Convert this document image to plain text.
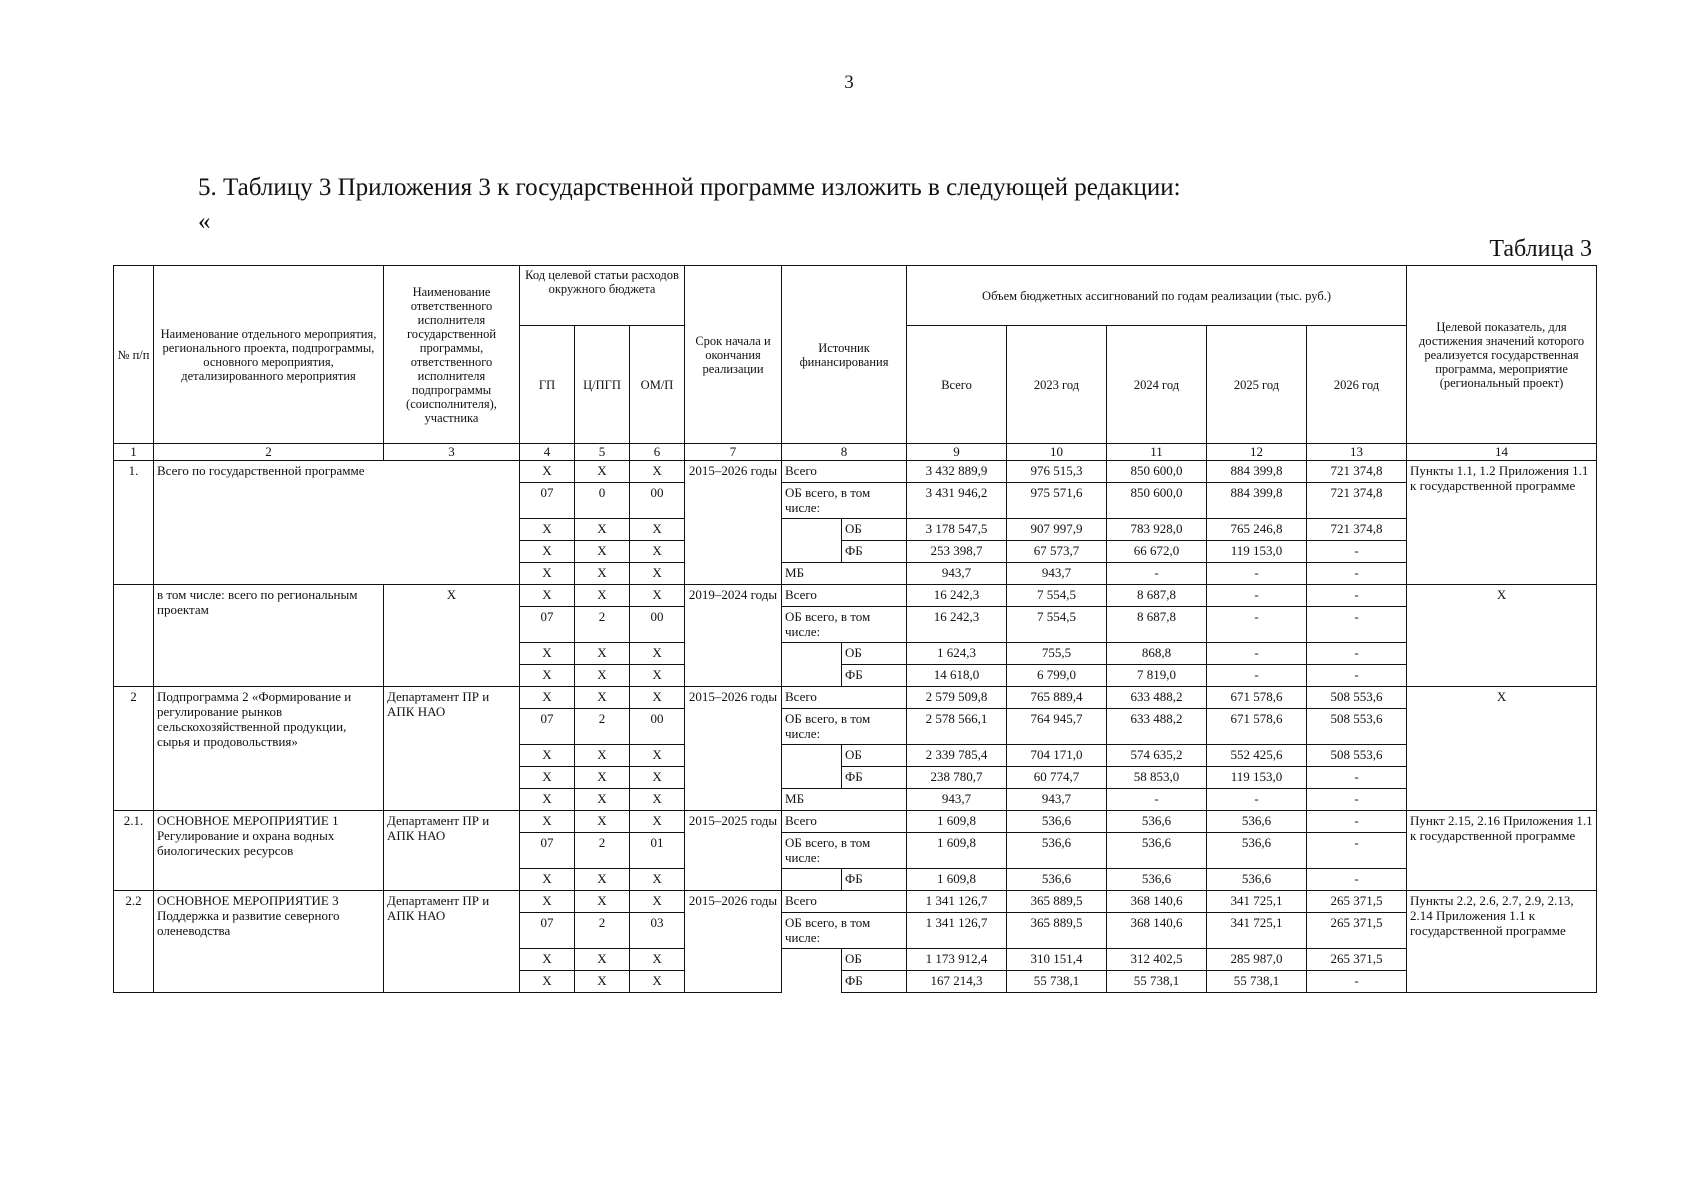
3
5. Таблицу 3 Приложения 3 к государственной программе изложить в следующей редакции:
«
Таблица 3
№ п/п	Наименование отдельного мероприятия, регионального проекта, подпрограммы, основного мероприятия, детализированного мероприятия	Наименование ответственного исполнителя государственной программы, ответственного исполнителя подпрограммы (соисполнителя), участника	Код целевой статьи расходов окружного бюджета			Срок начала и окончания реализации	Источник финансирования		Объем бюджетных ассигнований по годам реализации (тыс. руб.)					Целевой показатель, для достижения значений которого реализуется государственная программа, мероприятие (региональный проект)
			ГП	Ц/ПГП	ОМ/П				Всего	2023 год	2024 год	2025 год	2026 год	
1	2	3	4	5	6	7	8		9	10	11	12	13	14
1.	Всего по государственной программе		Х	Х	Х	2015–2026 годы	Всего		3 432 889,9	976 515,3	850 600,0	884 399,8	721 374,8	Пункты 1.1, 1.2 Приложения 1.1 к государственной программе
			07	0	00		ОБ всего, в том числе:		3 431 946,2	975 571,6	850 600,0	884 399,8	721 374,8	
			Х	Х	Х			ОБ	3 178 547,5	907 997,9	783 928,0	765 246,8	721 374,8	
			Х	Х	Х			ФБ	253 398,7	67 573,7	66 672,0	119 153,0	-	
			Х	Х	Х		МБ		943,7	943,7	-	-	-	
	в том числе: всего по региональным проектам	Х	Х	Х	Х	2019–2024 годы	Всего		16 242,3	7 554,5	8 687,8	-	-	Х
			07	2	00		ОБ всего, в том числе:		16 242,3	7 554,5	8 687,8	-	-	
			Х	Х	Х			ОБ	1 624,3	755,5	868,8	-	-	
			Х	Х	Х			ФБ	14 618,0	6 799,0	7 819,0	-	-	
2	Подпрограмма 2 «Формирование и регулирование рынков сельскохозяйственной продукции, сырья и продовольствия»	Департамент ПР и АПК НАО	Х	Х	Х	2015–2026 годы	Всего		2 579 509,8	765 889,4	633 488,2	671 578,6	508 553,6	Х
			07	2	00		ОБ всего, в том числе:		2 578 566,1	764 945,7	633 488,2	671 578,6	508 553,6	
			Х	Х	Х			ОБ	2 339 785,4	704 171,0	574 635,2	552 425,6	508 553,6	
			Х	Х	Х			ФБ	238 780,7	60 774,7	58 853,0	119 153,0	-	
			Х	Х	Х		МБ		943,7	943,7	-	-	-	
2.1.	ОСНОВНОЕ МЕРОПРИЯТИЕ 1 Регулирование и охрана водных биологических ресурсов	Департамент ПР и АПК НАО	Х	Х	Х	2015–2025 годы	Всего		1 609,8	536,6	536,6	536,6	-	Пункт 2.15, 2.16 Приложения 1.1 к государственной программе
			07	2	01		ОБ всего, в том числе:		1 609,8	536,6	536,6	536,6	-	
			Х	Х	Х			ФБ	1 609,8	536,6	536,6	536,6	-	
2.2	ОСНОВНОЕ МЕРОПРИЯТИЕ 3 Поддержка и развитие северного оленеводства	Департамент ПР и АПК НАО	Х	Х	Х	2015–2026 годы	Всего		1 341 126,7	365 889,5	368 140,6	341 725,1	265 371,5	Пункты 2.2, 2.6, 2.7, 2.9, 2.13, 2.14 Приложения 1.1 к государственной программе
			07	2	03		ОБ всего, в том числе:		1 341 126,7	365 889,5	368 140,6	341 725,1	265 371,5	
			Х	Х	Х			ОБ	1 173 912,4	310 151,4	312 402,5	285 987,0	265 371,5	
			Х	Х	Х			ФБ	167 214,3	55 738,1	55 738,1	55 738,1	-	
